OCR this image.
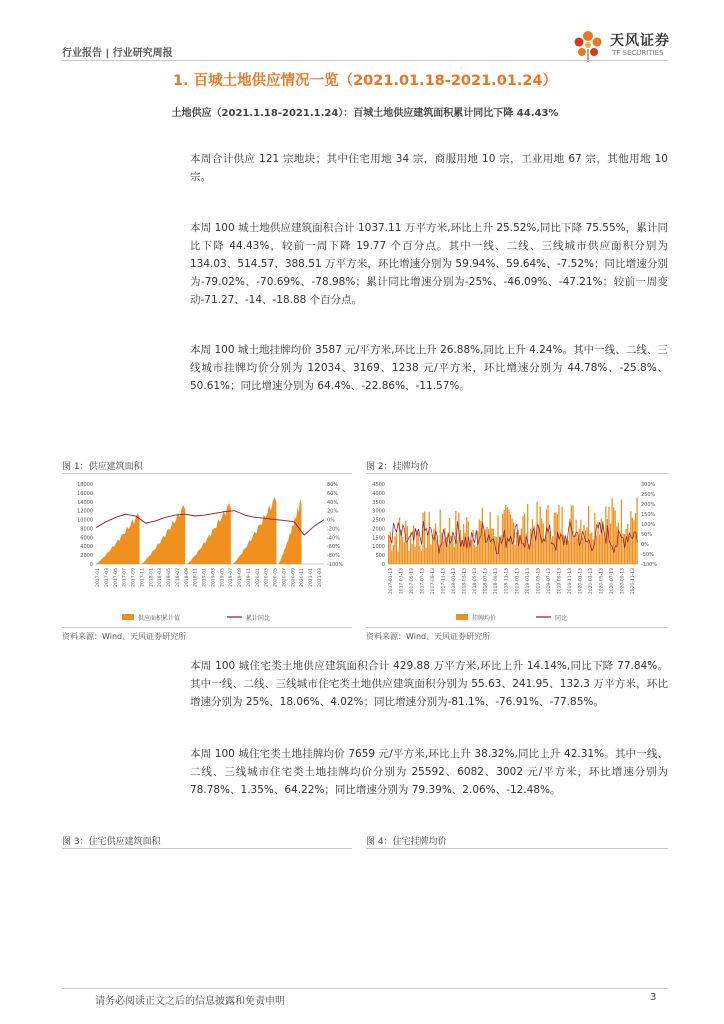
行业报告 | 行业研究周报
天风证券
TF SECURITIES
1. 百城土地供应情况一览（2021.01.18-2021.01.24）
土地供应（2021.1.18-2021.1.24）：百城土地供应建筑面积累计同比下降 44.43%
本周合计供应 121 宗地块；其中住宅用地 34 宗，商服用地 10 宗，工业用地 67 宗，其他用地 10 宗。
本周 100 城土地供应建筑面积合计 1037.11 万平方米,环比上升 25.52%,同比下降 75.55%，累计同比下降 44.43%，较前一周下降 19.77 个百分点。其中一线、二线、三线城市供应面积分别为 134.03、514.57、388.51 万平方米，环比增速分别为 59.94%、59.64%、-7.52%；同比增速分别为-79.02%、-70.69%、-78.98%；累计同比增速分别为-25%、-46.09%、-47.21%；较前一周变动-71.27、-14、-18.88 个百分点。
本周 100 城土地挂牌均价 3587 元/平方米,环比上升 26.88%,同比上升 4.24%。其中一线、二线、三线城市挂牌均价分别为 12034、3169、1238 元/平方米，环比增速分别为 44.78%、-25.8%、50.61%；同比增速分别为 64.4%、-22.86%、-11.57%。
图 1：供应建筑面积
0
2000
4000
6000
8000
10000
12000
14000
16000
18000
-100%
-80%
-60%
-40%
-20%
0%
20%
40%
60%
80%
2017-01 2017-03 2017-05 2017-07 2017-09 2017-11 2018-01 2018-03 2018-05 2018-07 2018-09 2018-11 2019-01 2019-03 2019-05 2019-07 2019-09 2019-11 2020-01 2020-03 2020-05 2020-07 2020-09 2020-11 2021-01 2021-03
供应面积累计值	累计同比
资料来源：Wind、天风证券研究所
图 2：挂牌均价
0
500
1000
1500
2000
2500
3000
3500
4000
4500
-100%
-50%
0%
50%
100%
150%
200%
250%
300%
2017-01-13 2017-03-13 2017-05-13 2017-07-13 2017-09-13 2017-11-13 2018-01-13 2018-03-13 2018-05-13 2018-07-13 2018-09-13 2018-11-13 2019-01-13 2019-03-13 2019-05-13 2019-07-13 2019-09-13 2019-11-13 2020-01-13 2020-03-13 2020-05-13 2020-07-13 2020-09-13 2020-11-13
挂牌均价	同比
资料来源：Wind、天风证券研究所
本周 100 城住宅类土地供应建筑面积合计 429.88 万平方米,环比上升 14.14%,同比下降 77.84%。其中一线、二线、三线城市住宅类土地供应建筑面积分别为 55.63、241.95、132.3 万平方米，环比增速分别为 25%、18.06%、4.02%；同比增速分别为-81.1%、-76.91%、-77.85%。
本周 100 城住宅类土地挂牌均价 7659 元/平方米,环比上升 38.32%,同比上升 42.31%。其中一线、二线、三线城市住宅类土地挂牌均价分别为 25592、6082、3002 元/平方米，环比增速分别为 78.78%、1.35%、64.22%；同比增速分别为 79.39%、2.06%、-12.48%。
图 3：住宅供应建筑面积	图 4：住宅挂牌均价
请务必阅读正文之后的信息披露和免责申明	3
